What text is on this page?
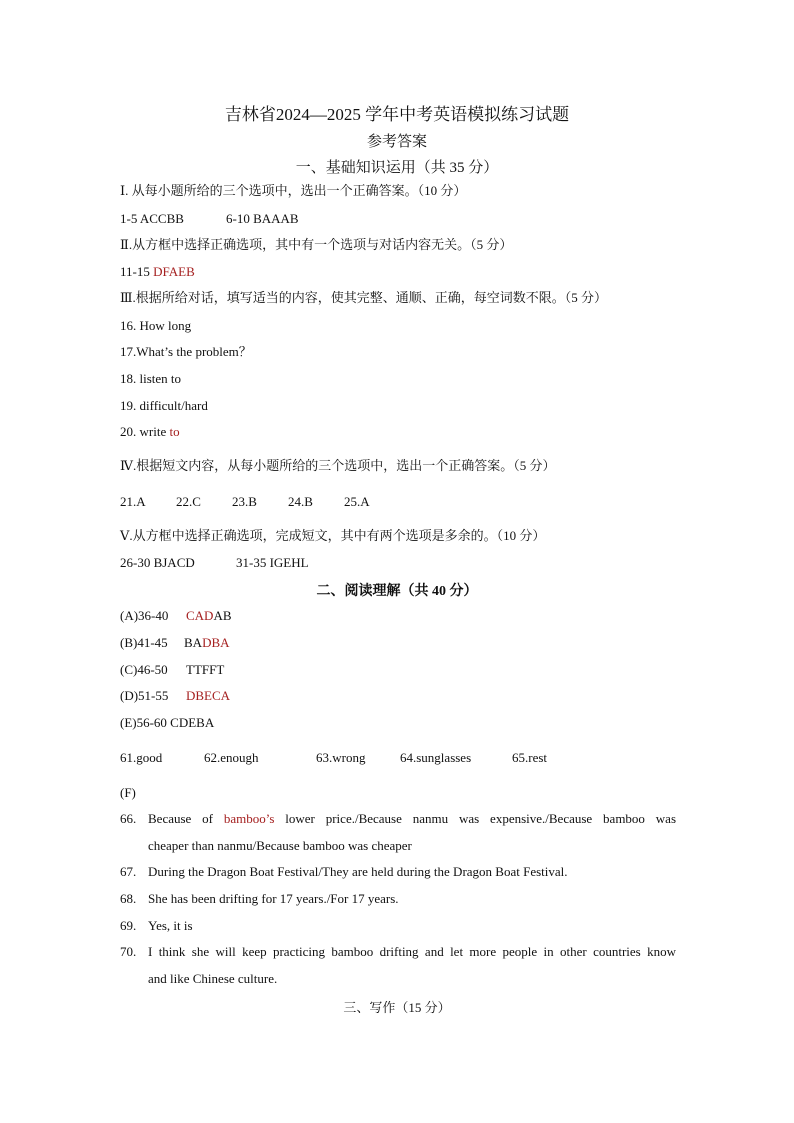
吉林省2024—2025 学年中考英语模拟练习试题
参考答案
一、基础知识运用（共 35 分）
Ⅰ. 从每小题所给的三个选项中，选出一个正确答案。（10 分）
1-5 ACCBB	6-10 BAAAB
Ⅱ.从方框中选择正确选项，其中有一个选项与对话内容无关。（5 分）
11-15 DFAEB
Ⅲ.根据所给对话，填写适当的内容，使其完整、通顺、正确，每空词数不限。（5 分）
16. How long
17.What’s the problem？
18. listen to
19. difficult/hard
20. write to
Ⅳ.根据短文内容，从每小题所给的三个选项中，选出一个正确答案。（5 分）
21.A 22.C 23.B 24.B 25.A
Ⅴ.从方框中选择正确选项，完成短文，其中有两个选项是多余的。（10 分）
26-30 BJACD	31-35 IGEHL
二、阅读理解（共 40 分）
(A)36-40 CADAB
(B)41-45 BADBA
(C)46-50 TTFFT
(D)51-55 DBECA
(E)56-60 CDEBA
61.good	62.enough	63.wrong	64.sunglasses	65.rest
(F)
66. Because of bamboo’s lower price./Because nanmu was expensive./Because bamboo was
cheaper than nanmu/Because bamboo was cheaper
67. During the Dragon Boat Festival/They are held during the Dragon Boat Festival.
68. She has been drifting for 17 years./For 17 years.
69. Yes, it is
70. I think she will keep practicing bamboo drifting and let more people in other countries know
and like Chinese culture.
三、写作（15 分）
